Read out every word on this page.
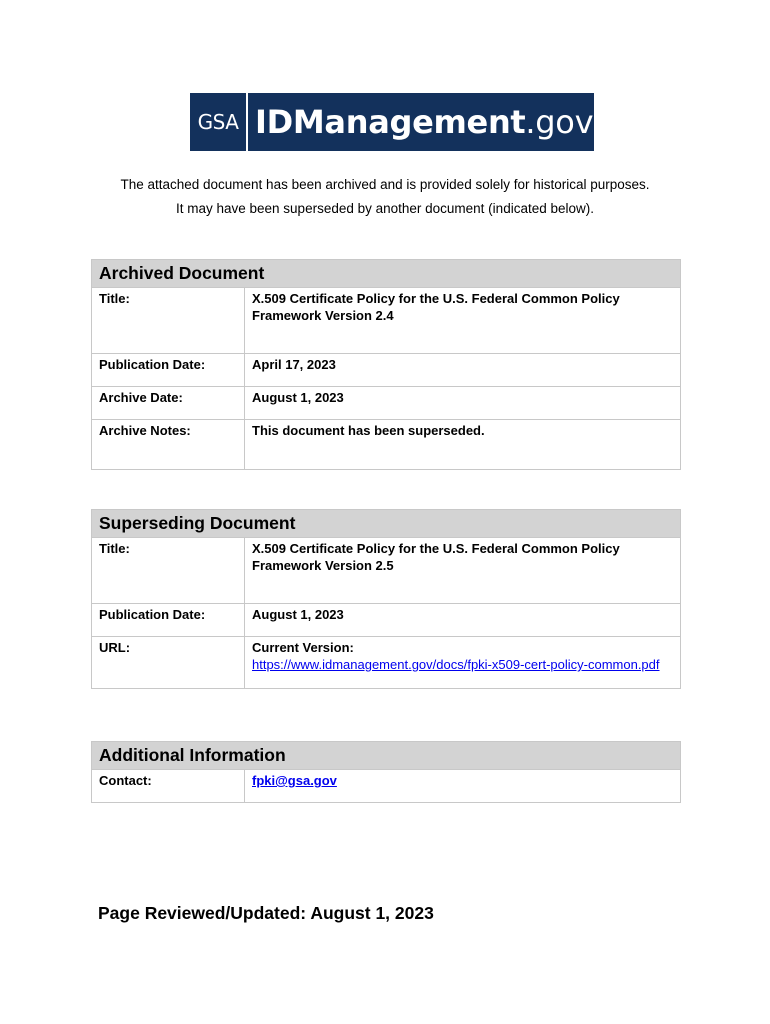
GSA IDManagement.gov

The attached document has been archived and is provided solely for historical purposes.

It may have been superseded by another document (indicated below).

Archived Document	
Title:	X.509 Certificate Policy for the U.S. Federal Common Policy Framework Version 2.4
Publication Date:	April 17, 2023
Archive Date:	August 1, 2023
Archive Notes:	This document has been superseded.
Superseding Document	
Title:	X.509 Certificate Policy for the U.S. Federal Common Policy Framework Version 2.5
Publication Date:	August 1, 2023
URL:	Current Version:
https://www.idmanagement.gov/docs/fpki-x509-cert-policy-common.pdf
Additional Information
Contact:	fpki@gsa.gov
Page Reviewed/Updated: August 1, 2023
